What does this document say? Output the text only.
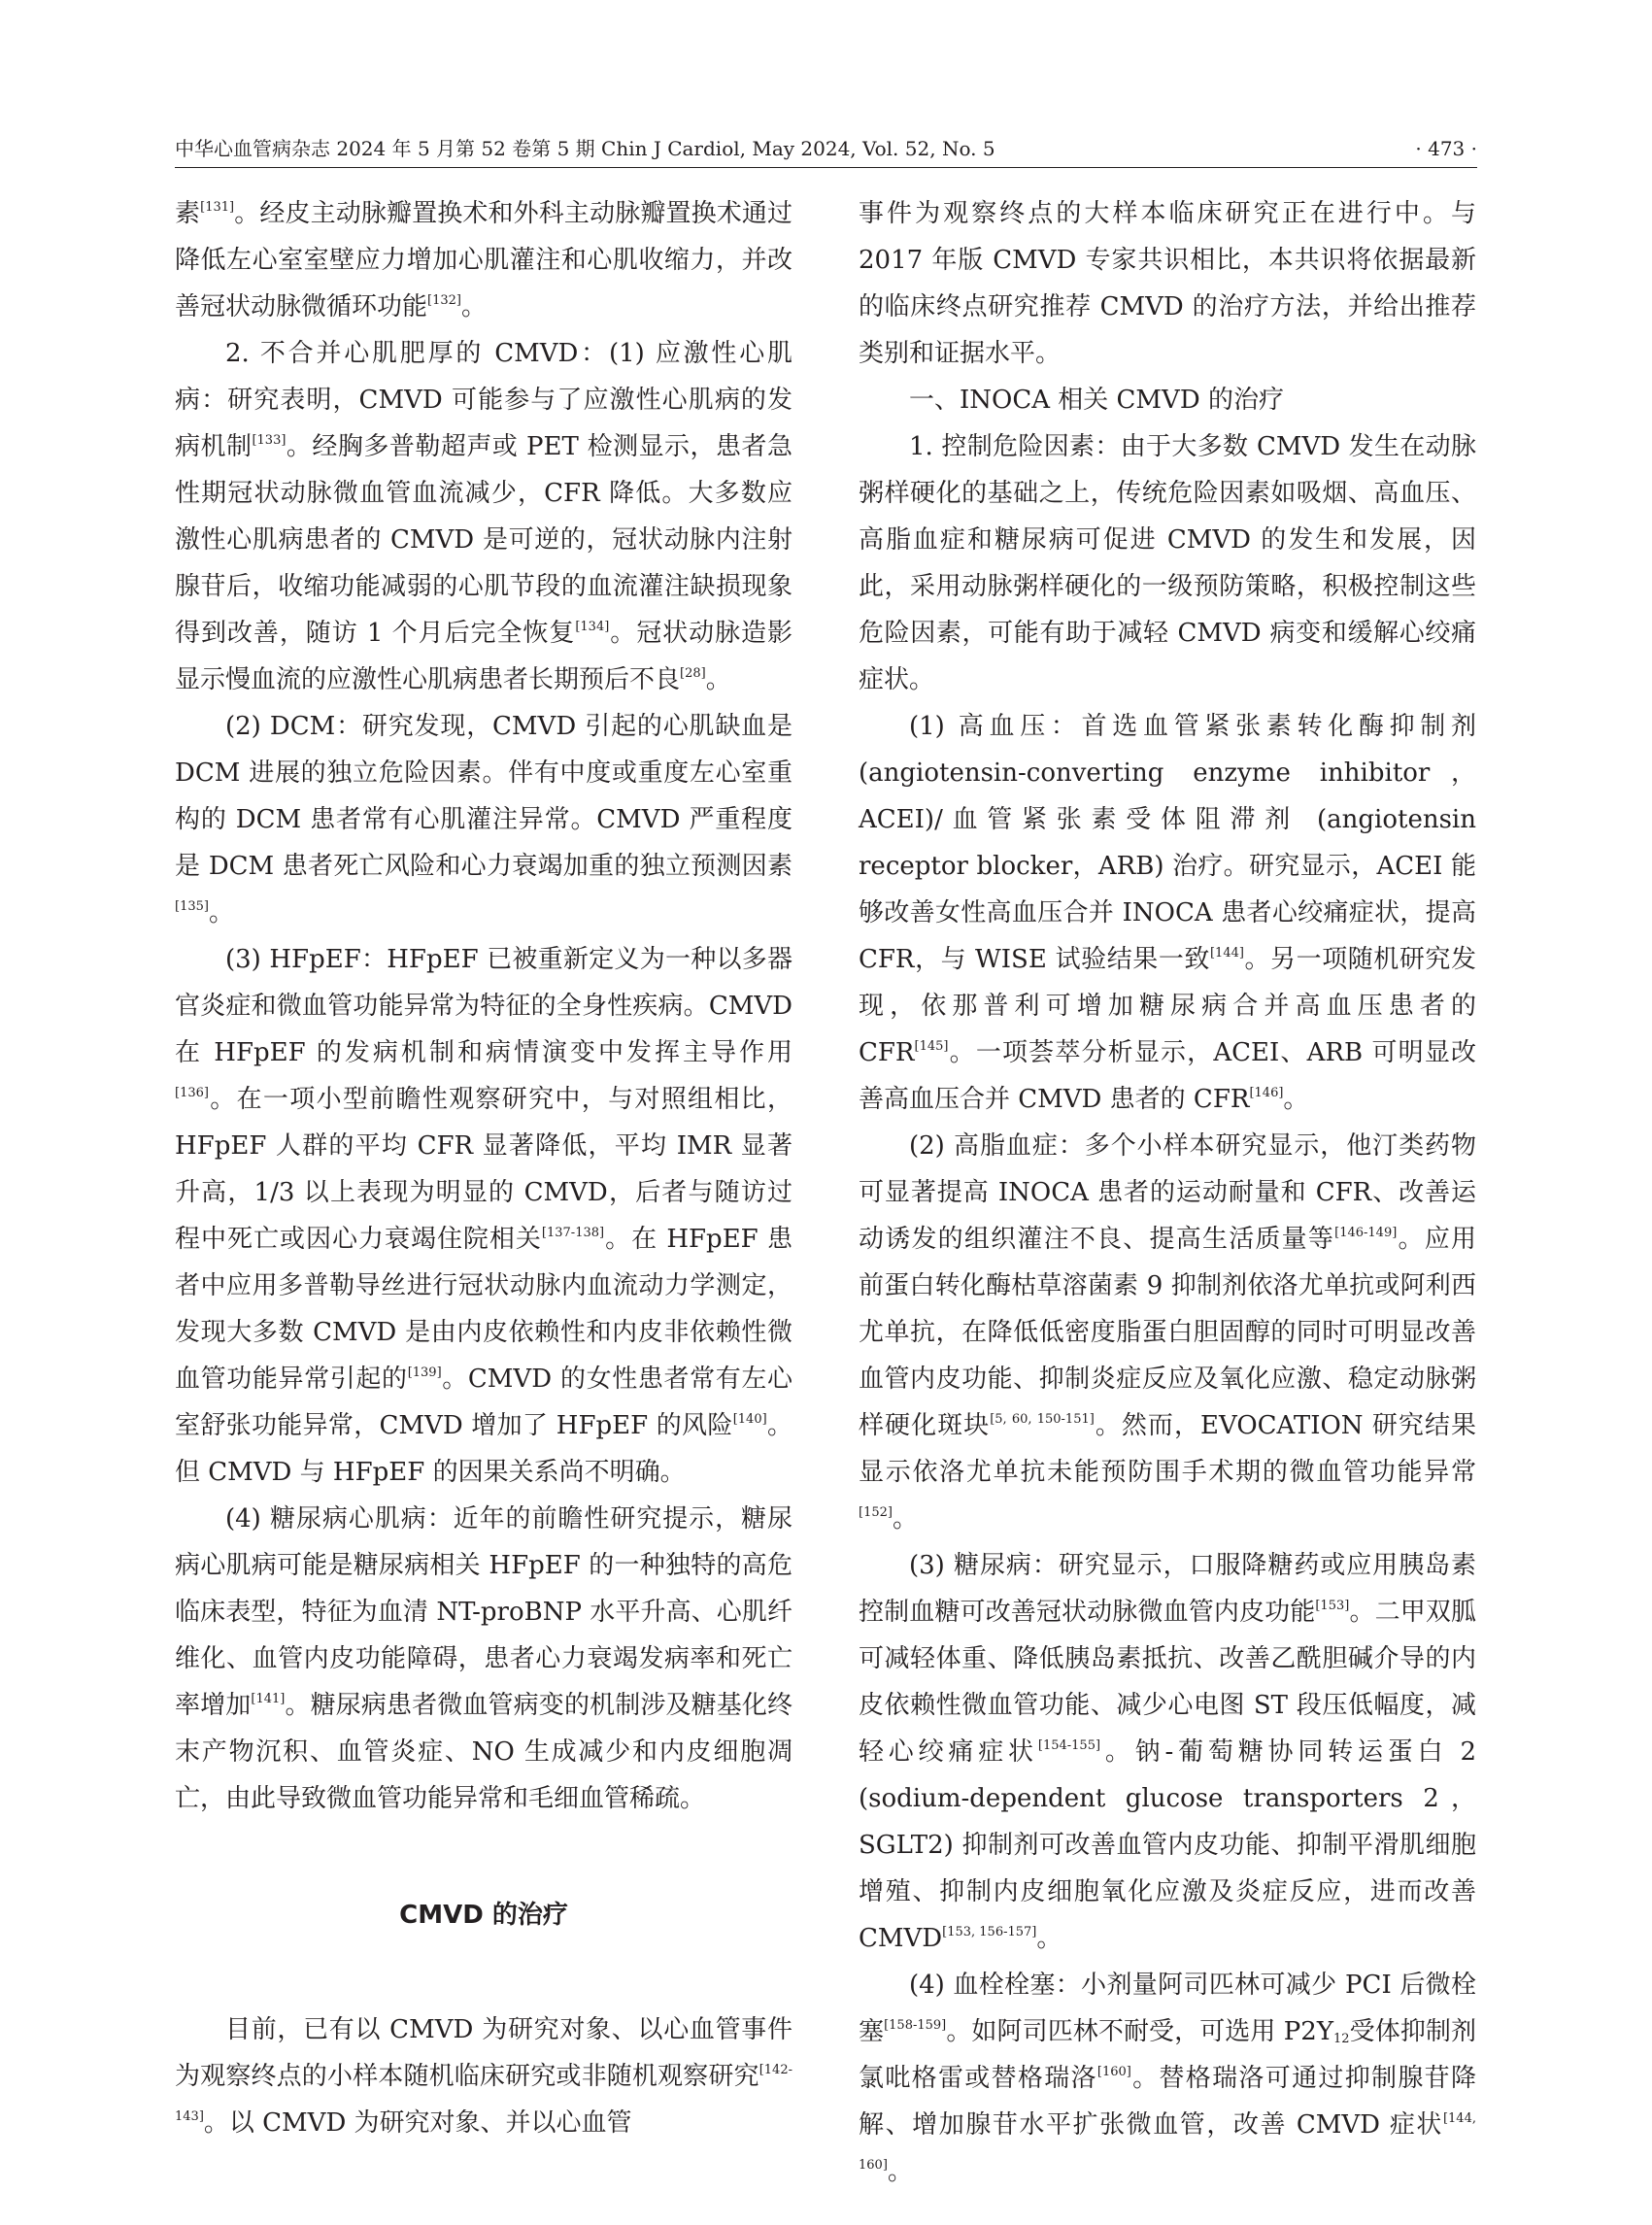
中华心血管病杂志 2024 年 5 月第 52 卷第 5 期 Chin J Cardiol, May 2024, Vol. 52, No. 5	· 473 ·

素[131]。经皮主动脉瓣置换术和外科主动脉瓣置换术通过降低左心室室壁应力增加心肌灌注和心肌收缩力，并改善冠状动脉微循环功能[132]。

2. 不合并心肌肥厚的 CMVD：(1) 应激性心肌病：研究表明，CMVD 可能参与了应激性心肌病的发病机制[133]。经胸多普勒超声或 PET 检测显示，患者急性期冠状动脉微血管血流减少，CFR 降低。大多数应激性心肌病患者的 CMVD 是可逆的，冠状动脉内注射腺苷后，收缩功能减弱的心肌节段的血流灌注缺损现象得到改善，随访 1 个月后完全恢复[134]。冠状动脉造影显示慢血流的应激性心肌病患者长期预后不良[28]。

(2) DCM：研究发现，CMVD 引起的心肌缺血是 DCM 进展的独立危险因素。伴有中度或重度左心室重构的 DCM 患者常有心肌灌注异常。CMVD 严重程度是 DCM 患者死亡风险和心力衰竭加重的独立预测因素[135]。

(3) HFpEF：HFpEF 已被重新定义为一种以多器官炎症和微血管功能异常为特征的全身性疾病。CMVD 在 HFpEF 的发病机制和病情演变中发挥主导作用[136]。在一项小型前瞻性观察研究中，与对照组相比，HFpEF 人群的平均 CFR 显著降低，平均 IMR 显著升高，1/3 以上表现为明显的 CMVD，后者与随访过程中死亡或因心力衰竭住院相关[137-138]。在 HFpEF 患者中应用多普勒导丝进行冠状动脉内血流动力学测定，发现大多数 CMVD 是由内皮依赖性和内皮非依赖性微血管功能异常引起的[139]。CMVD 的女性患者常有左心室舒张功能异常，CMVD 增加了 HFpEF 的风险[140]。但 CMVD 与 HFpEF 的因果关系尚不明确。

(4) 糖尿病心肌病：近年的前瞻性研究提示，糖尿病心肌病可能是糖尿病相关 HFpEF 的一种独特的高危临床表型，特征为血清 NT-proBNP 水平升高、心肌纤维化、血管内皮功能障碍，患者心力衰竭发病率和死亡率增加[141]。糖尿病患者微血管病变的机制涉及糖基化终末产物沉积、血管炎症、NO 生成减少和内皮细胞凋亡，由此导致微血管功能异常和毛细血管稀疏。

CMVD 的治疗

目前，已有以 CMVD 为研究对象、以心血管事件为观察终点的小样本随机临床研究或非随机观察研究[142-143]。以 CMVD 为研究对象、并以心血管

事件为观察终点的大样本临床研究正在进行中。与 2017 年版 CMVD 专家共识相比，本共识将依据最新的临床终点研究推荐 CMVD 的治疗方法，并给出推荐类别和证据水平。

一、INOCA 相关 CMVD 的治疗

1. 控制危险因素：由于大多数 CMVD 发生在动脉粥样硬化的基础之上，传统危险因素如吸烟、高血压、高脂血症和糖尿病可促进 CMVD 的发生和发展，因此，采用动脉粥样硬化的一级预防策略，积极控制这些危险因素，可能有助于减轻 CMVD 病变和缓解心绞痛症状。

(1) 高血压：首选血管紧张素转化酶抑制剂 (angiotensin-converting enzyme inhibitor，ACEI)/血管紧张素受体阻滞剂 (angiotensin receptor blocker，ARB) 治疗。研究显示，ACEI 能够改善女性高血压合并 INOCA 患者心绞痛症状，提高 CFR，与 WISE 试验结果一致[144]。另一项随机研究发现，依那普利可增加糖尿病合并高血压患者的 CFR[145]。一项荟萃分析显示，ACEI、ARB 可明显改善高血压合并 CMVD 患者的 CFR[146]。

(2) 高脂血症：多个小样本研究显示，他汀类药物可显著提高 INOCA 患者的运动耐量和 CFR、改善运动诱发的组织灌注不良、提高生活质量等[146-149]。应用前蛋白转化酶枯草溶菌素 9 抑制剂依洛尤单抗或阿利西尤单抗，在降低低密度脂蛋白胆固醇的同时可明显改善血管内皮功能、抑制炎症反应及氧化应激、稳定动脉粥样硬化斑块[5, 60, 150-151]。然而，EVOCATION 研究结果显示依洛尤单抗未能预防围手术期的微血管功能异常[152]。

(3) 糖尿病：研究显示，口服降糖药或应用胰岛素控制血糖可改善冠状动脉微血管内皮功能[153]。二甲双胍可减轻体重、降低胰岛素抵抗、改善乙酰胆碱介导的内皮依赖性微血管功能、减少心电图 ST 段压低幅度，减轻心绞痛症状[154-155]。钠-葡萄糖协同转运蛋白 2 (sodium-dependent glucose transporters 2，SGLT2) 抑制剂可改善血管内皮功能、抑制平滑肌细胞增殖、抑制内皮细胞氧化应激及炎症反应，进而改善 CMVD[153, 156-157]。

(4) 血栓栓塞：小剂量阿司匹林可减少 PCI 后微栓塞[158-159]。如阿司匹林不耐受，可选用 $P2Y_{12}$受体抑制剂氯吡格雷或替格瑞洛[160]。替格瑞洛可通过抑制腺苷降解、增加腺苷水平扩张微血管，改善 CMVD 症状[144, 160]。
